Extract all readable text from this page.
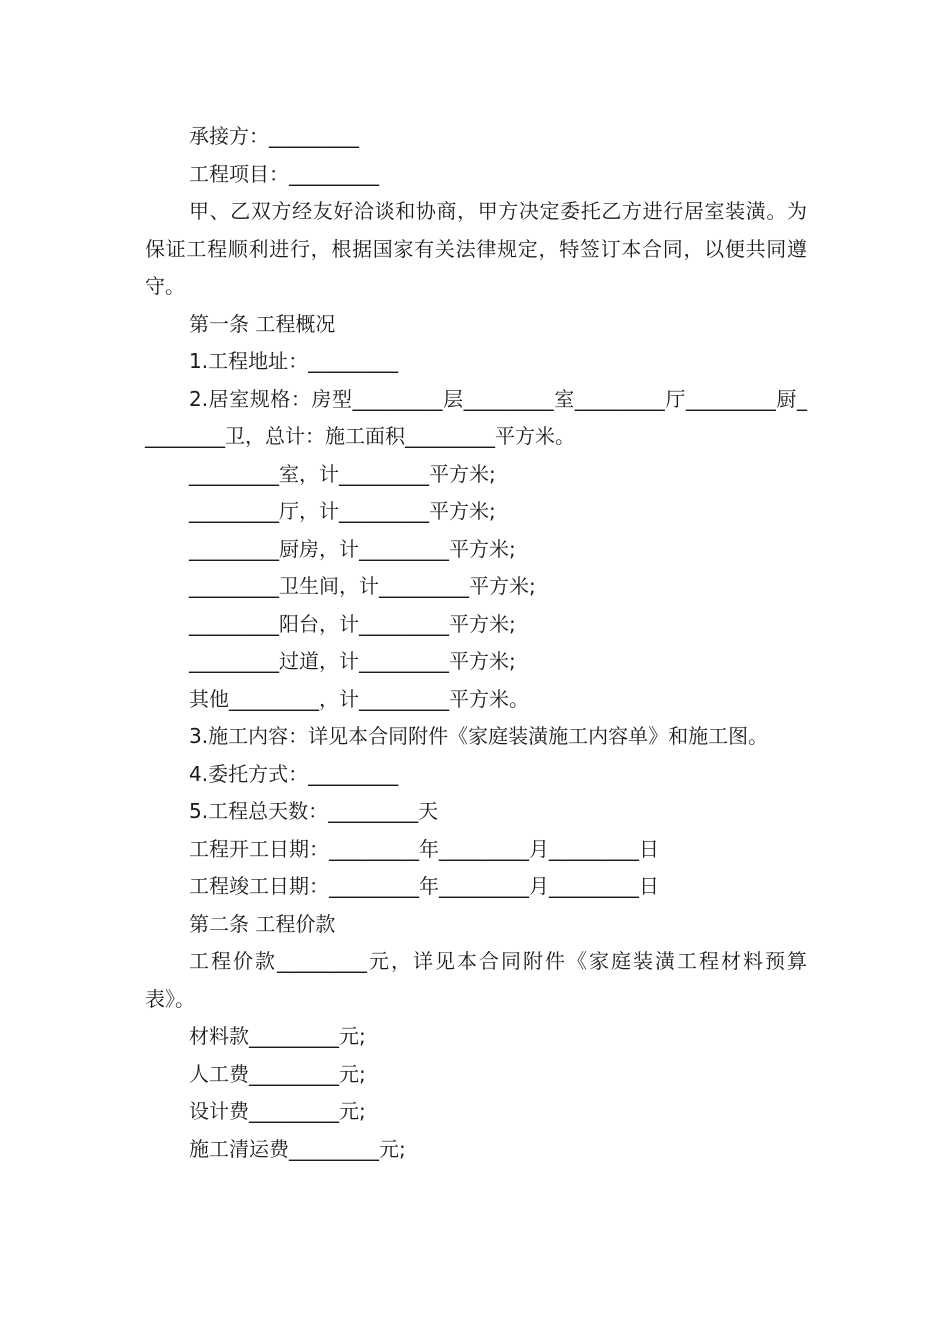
承接方：_________
工程项目：_________
甲、乙双方经友好洽谈和协商，甲方决定委托乙方进行居室装潢。为保证工程顺利进行，根据国家有关法律规定，特签订本合同，以便共同遵守。
第一条 工程概况
1.工程地址：_________
2.居室规格：房型_________层_________室_________厅_________厨_________卫，总计：施工面积_________平方米。
_________室，计_________平方米;
_________厅，计_________平方米;
_________厨房，计_________平方米;
_________卫生间，计_________平方米;
_________阳台，计_________平方米;
_________过道，计_________平方米;
其他_________，计_________平方米。
3.施工内容：详见本合同附件《家庭装潢施工内容单》和施工图。
4.委托方式：_________
5.工程总天数：_________天
工程开工日期：_________年_________月_________日
工程竣工日期：_________年_________月_________日
第二条 工程价款
工程价款_________元，详见本合同附件《家庭装潢工程材料预算表》。
材料款_________元;
人工费_________元;
设计费_________元;
施工清运费_________元;
